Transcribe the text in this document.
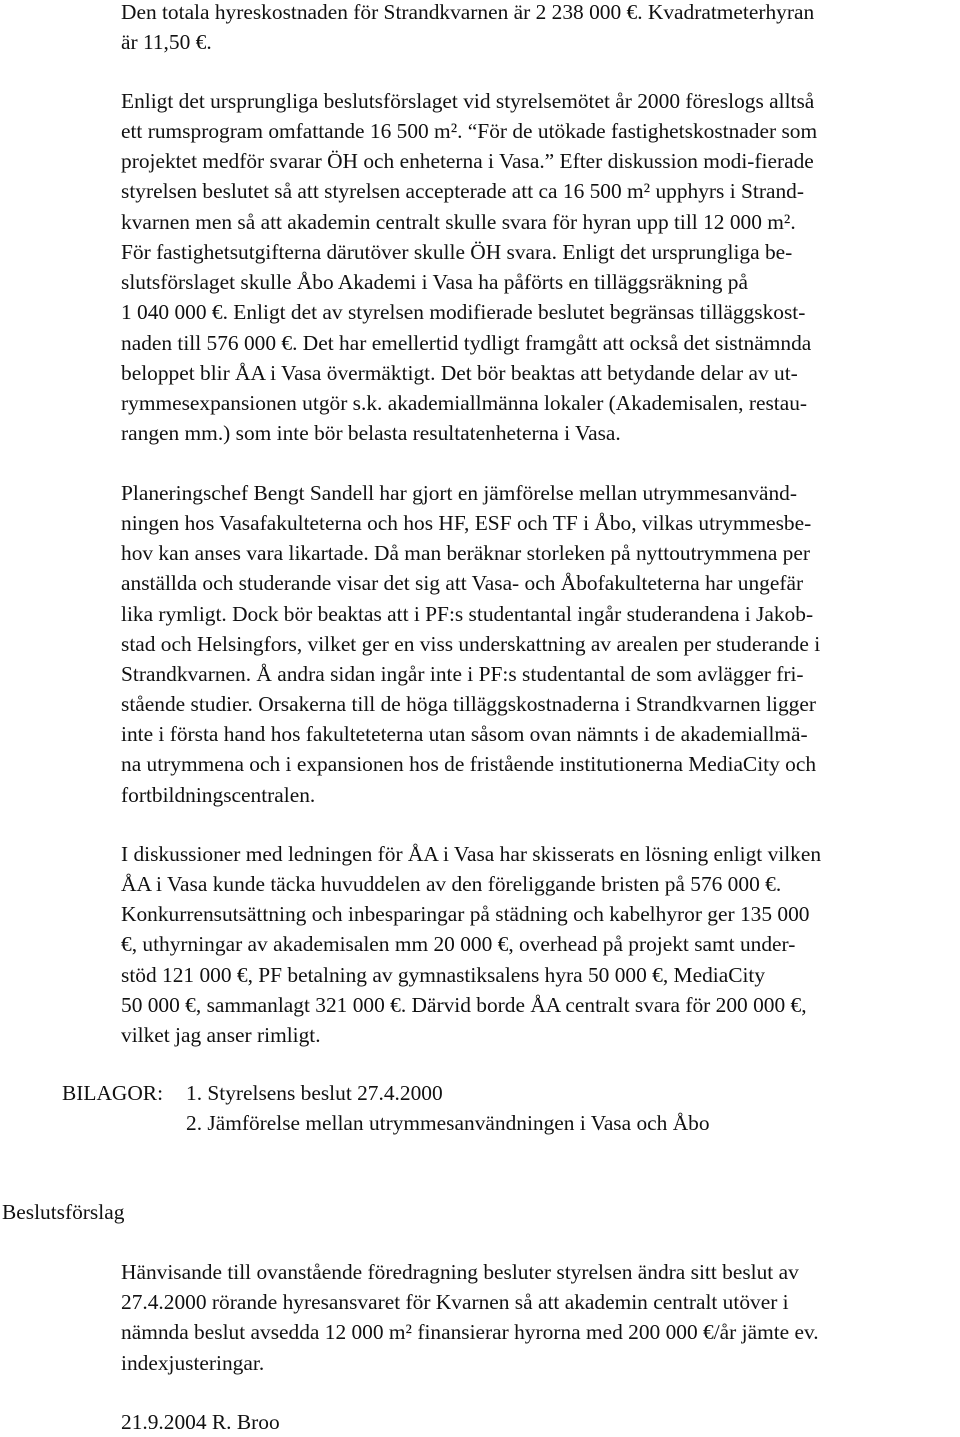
Den totala hyreskostnaden för Strandkvarnen är 2 238 000 €. Kvadratmeterhyran
är 11,50 €.
Enligt det ursprungliga beslutsförslaget vid styrelsemötet år 2000 föreslogs alltså
ett rumsprogram omfattande 16 500 m². “För de utökade fastighetskostnader som
projektet medför svarar ÖH och enheterna i Vasa.” Efter diskussion modi-fierade
styrelsen beslutet så att styrelsen accepterade att ca 16 500 m² upphyrs i Strand-
kvarnen men så att akademin centralt skulle svara för hyran upp till 12 000 m².
För fastighetsutgifterna därutöver skulle ÖH svara. Enligt det ursprungliga be-
slutsförslaget skulle Åbo Akademi i Vasa ha påförts en tilläggsräkning på
1 040 000 €. Enligt det av styrelsen modifierade beslutet begränsas tilläggskost-
naden till 576 000 €. Det har emellertid tydligt framgått att också det sistnämnda
beloppet blir ÅA i Vasa övermäktigt. Det bör beaktas att betydande delar av ut-
rymmesexpansionen utgör s.k. akademiallmänna lokaler (Akademisalen, restau-
rangen mm.) som inte bör belasta resultatenheterna i Vasa.
Planeringschef Bengt Sandell har gjort en jämförelse mellan utrymmesanvänd-
ningen hos Vasafakulteterna och hos HF, ESF och TF i Åbo, vilkas utrymmesbe-
hov kan anses vara likartade. Då man beräknar storleken på nyttoutrymmena per
anställda och studerande visar det sig att Vasa- och Åbofakulteterna har ungefär
lika rymligt. Dock bör beaktas att i PF:s studentantal ingår studerandena i Jakob-
stad och Helsingfors, vilket ger en viss underskattning av arealen per studerande i
Strandkvarnen. Å andra sidan ingår inte i PF:s studentantal de som avlägger fri-
stående studier. Orsakerna till de höga tilläggskostnaderna i Strandkvarnen ligger
inte i första hand hos fakulteteterna utan såsom ovan nämnts i de akademiallmä-
na utrymmena och i expansionen hos de fristående institutionerna MediaCity och
fortbildningscentralen.
I diskussioner med ledningen för ÅA i Vasa har skisserats en lösning enligt vilken
ÅA i Vasa kunde täcka huvuddelen av den föreliggande bristen på 576 000 €.
Konkurrensutsättning och inbesparingar på städning och kabelhyror ger 135 000
€, uthyrningar av akademisalen mm 20 000 €, overhead på projekt samt under-
stöd 121 000 €, PF betalning av gymnastiksalens hyra 50 000 €, MediaCity
50 000 €, sammanlagt 321 000 €. Därvid borde ÅA centralt svara för 200 000 €,
vilket jag anser rimligt.
BILAGOR: 1. Styrelsens beslut 27.4.2000
2. Jämförelse mellan utrymmesanvändningen i Vasa och Åbo
Beslutsförslag
Hänvisande till ovanstående föredragning besluter styrelsen ändra sitt beslut av
27.4.2000 rörande hyresansvaret för Kvarnen så att akademin centralt utöver i
nämnda beslut avsedda 12 000 m² finansierar hyrorna med 200 000 €/år jämte ev.
indexjusteringar.
21.9.2004 R. Broo
